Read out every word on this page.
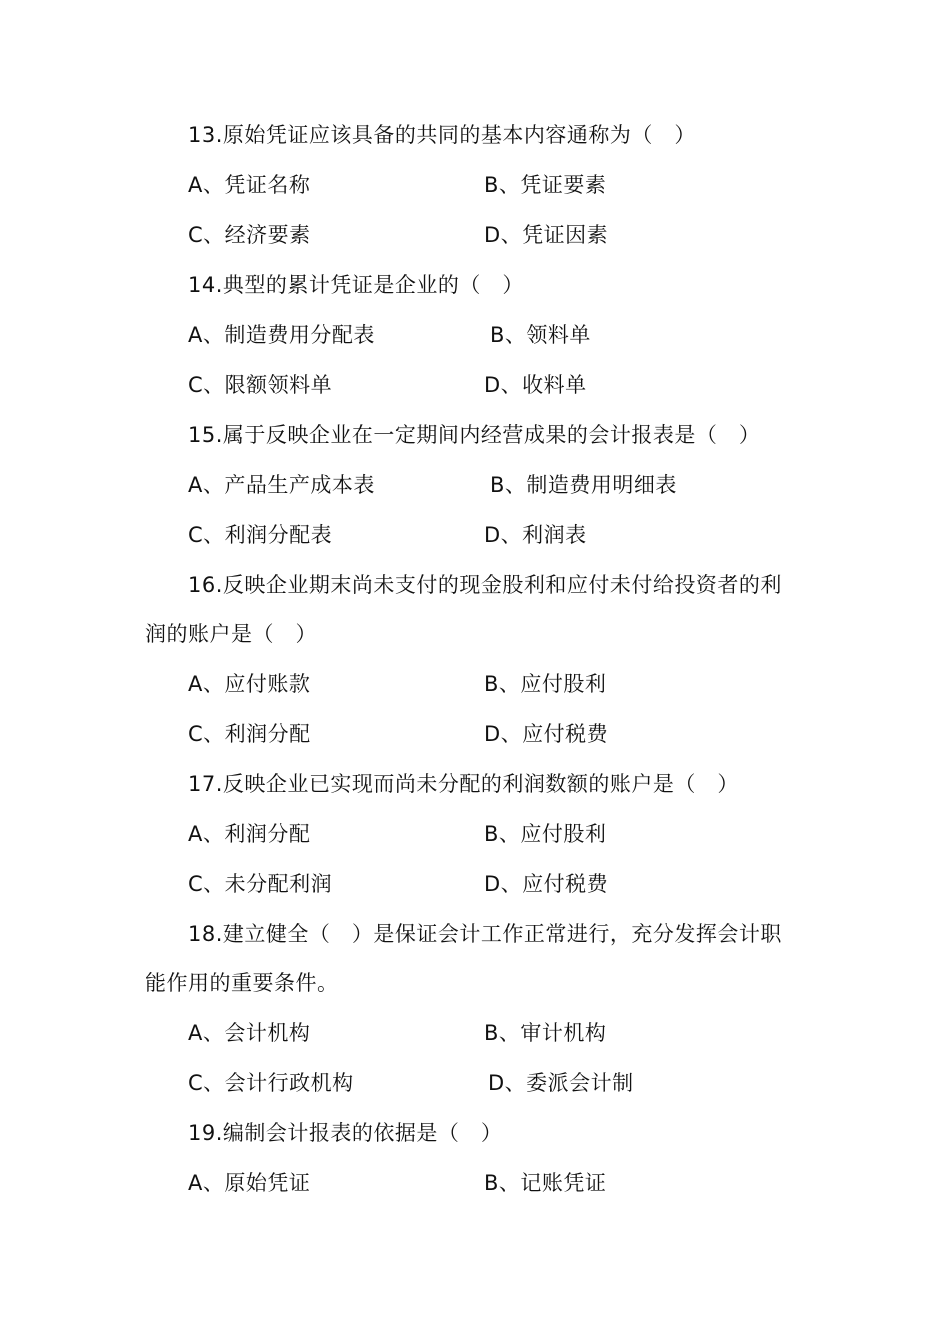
13.原始凭证应该具备的共同的基本内容通称为（　）
A、凭证名称	B、凭证要素
C、经济要素	D、凭证因素
14.典型的累计凭证是企业的（　）
A、制造费用分配表	B、领料单
C、限额领料单	D、收料单
15.属于反映企业在一定期间内经营成果的会计报表是（　）
A、产品生产成本表	B、制造费用明细表
C、利润分配表	D、利润表
16.反映企业期末尚未支付的现金股利和应付未付给投资者的利
润的账户是（　）
A、应付账款	B、应付股利
C、利润分配	D、应付税费
17.反映企业已实现而尚未分配的利润数额的账户是（　）
A、利润分配	B、应付股利
C、未分配利润	D、应付税费
18.建立健全（　）是保证会计工作正常进行，充分发挥会计职
能作用的重要条件。
A、会计机构	B、审计机构
C、会计行政机构	D、委派会计制
19.编制会计报表的依据是（　）
A、原始凭证	B、记账凭证
